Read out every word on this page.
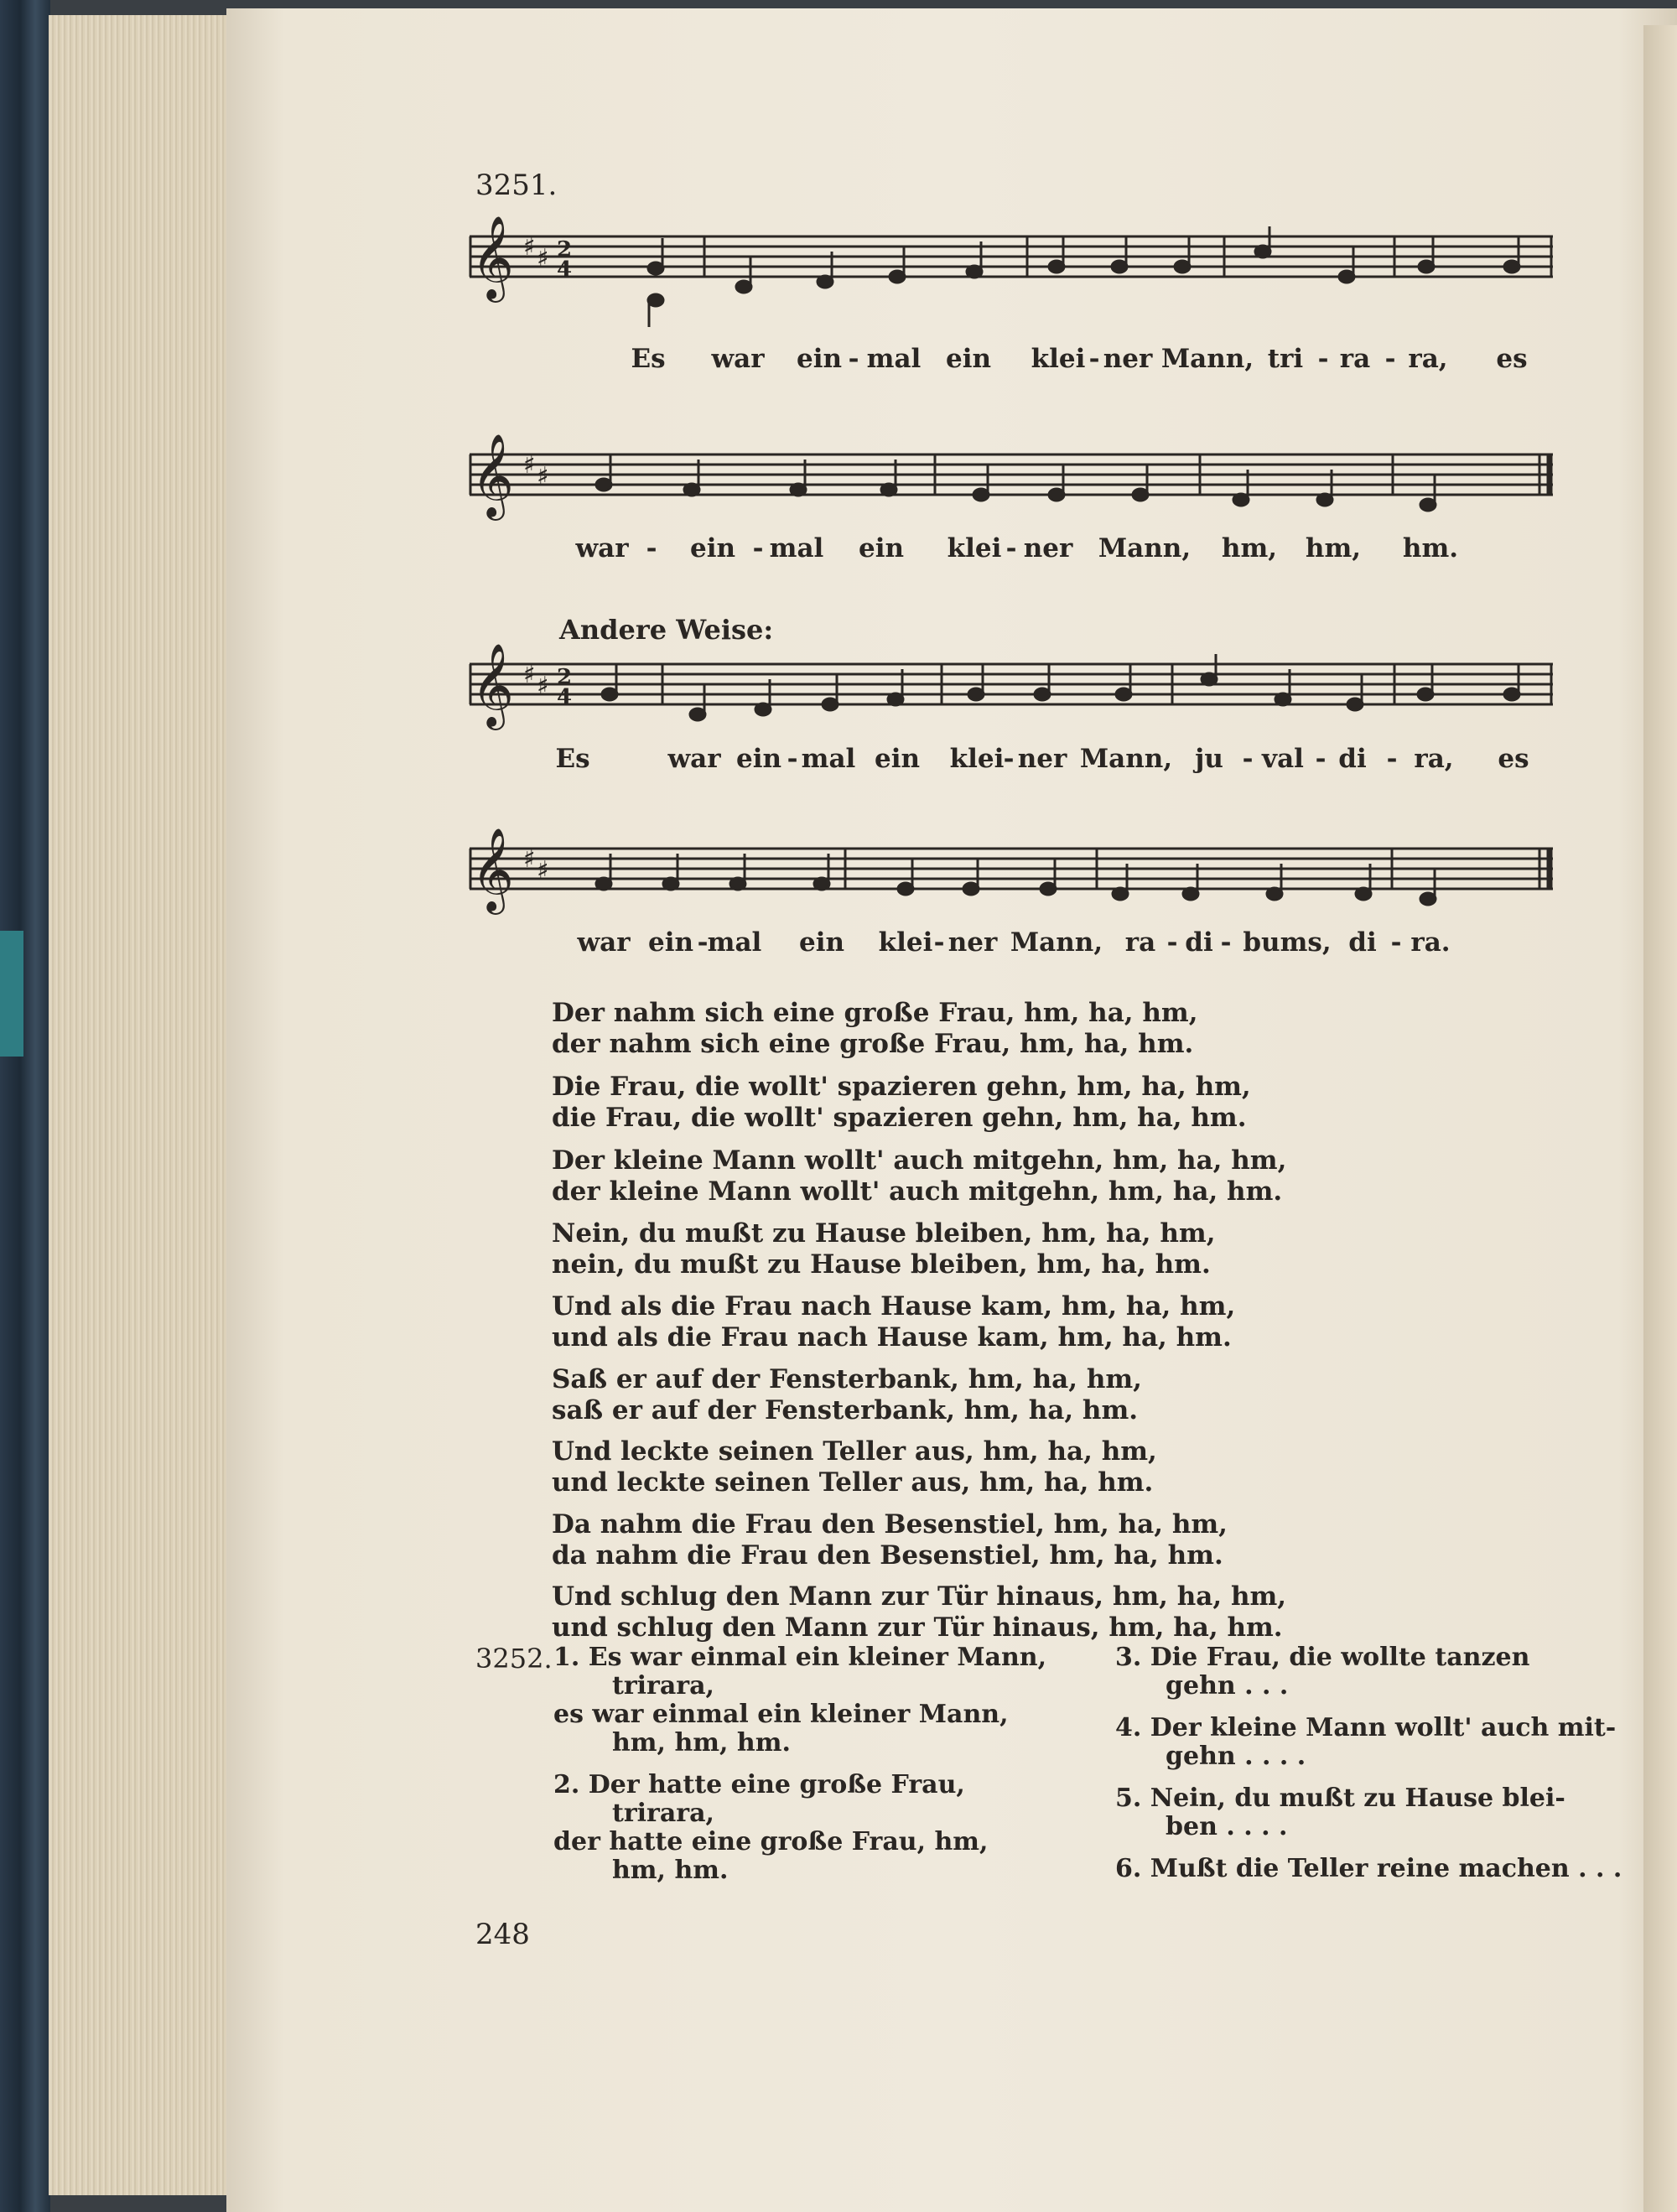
3251.
𝄞 ♯ ♯ 2
4
Es war ein - mal ein klei - ner Mann, tri - ra - ra, es
𝄞 ♯ ♯
war - ein - mal ein klei - ner Mann, hm, hm, hm.
Andere Weise:
𝄞 ♯ ♯ 2
4
Es	war ein - mal ein klei - ner Mann, ju - val - di - ra, es
𝄞 ♯ ♯
war ein - mal ein klei - ner Mann, ra - di - bums, di - ra.
Der nahm sich eine große Frau, hm, ha, hm,
der nahm sich eine große Frau, hm, ha, hm.
Die Frau, die wollt' spazieren gehn, hm, ha, hm,
die Frau, die wollt' spazieren gehn, hm, ha, hm.
Der kleine Mann wollt' auch mitgehn, hm, ha, hm,
der kleine Mann wollt' auch mitgehn, hm, ha, hm.
Nein, du mußt zu Hause bleiben, hm, ha, hm,
nein, du mußt zu Hause bleiben, hm, ha, hm.
Und als die Frau nach Hause kam, hm, ha, hm,
und als die Frau nach Hause kam, hm, ha, hm.
Saß er auf der Fensterbank, hm, ha, hm,
saß er auf der Fensterbank, hm, ha, hm.
Und leckte seinen Teller aus, hm, ha, hm,
und leckte seinen Teller aus, hm, ha, hm.
Da nahm die Frau den Besenstiel, hm, ha, hm,
da nahm die Frau den Besenstiel, hm, ha, hm.
Und schlug den Mann zur Tür hinaus, hm, ha, hm,
und schlug den Mann zur Tür hinaus, hm, ha, hm.
3252. 1. Es war einmal ein kleiner Mann,
trirara,
es war einmal ein kleiner Mann,
hm, hm, hm.
2. Der hatte eine große Frau,
trirara,
der hatte eine große Frau, hm,
hm, hm.
3. Die Frau, die wollte tanzen
gehn . . .
4. Der kleine Mann wollt' auch mit-
gehn . . . .
5. Nein, du mußt zu Hause blei-
ben . . . .
6. Mußt die Teller reine machen . . .
248
